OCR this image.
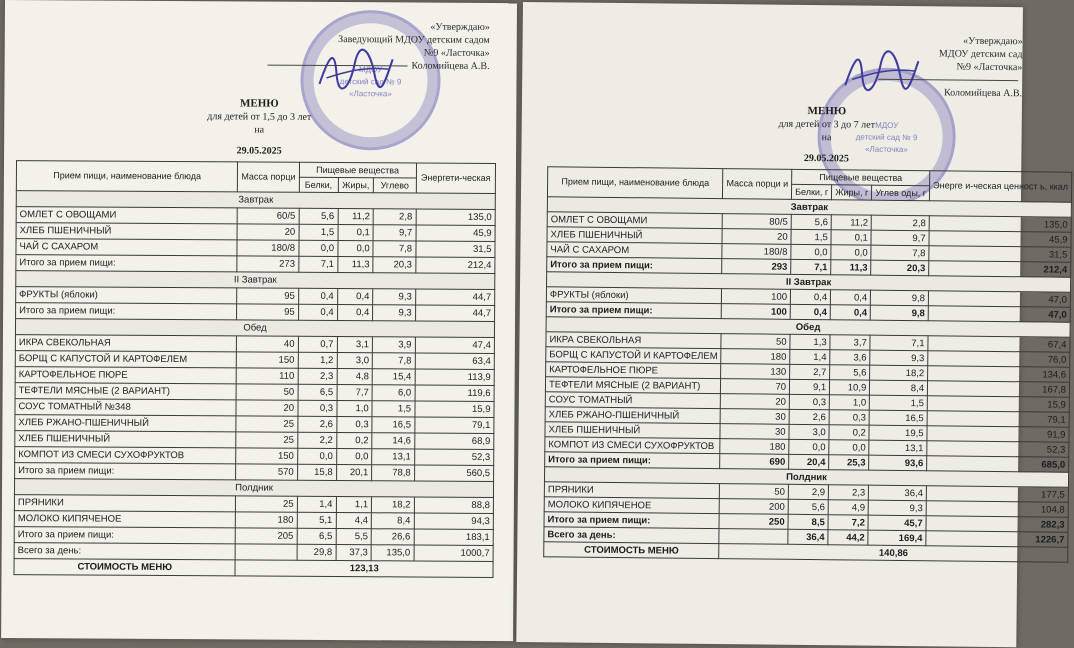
МДОУ
детский сад № 9
«Ласточка»
«Утверждаю»
Заведующий МДОУ детским садом
№9 «Ласточка»
Коломийцева А.В.
МЕНЮ
для детей от 1,5 до 3 лет
на
29.05.2025
Прием пищи, наименование блюда	Масса порци	Пищевые вещества			Энергети-ческая
		Белки,	Жиры,	Углево	
Завтрак					
ОМЛЕТ С ОВОЩАМИ	60/5	5,6	11,2	2,8	135,0
ХЛЕБ ПШЕНИЧНЫЙ	20	1,5	0,1	9,7	45,9
ЧАЙ С САХАРОМ	180/8	0,0	0,0	7,8	31,5
Итого за прием пищи:	273	7,1	11,3	20,3	212,4
II Завтрак					
ФРУКТЫ (яблоки)	95	0,4	0,4	9,3	44,7
Итого за прием пищи:	95	0,4	0,4	9,3	44,7
Обед					
ИКРА СВЕКОЛЬНАЯ	40	0,7	3,1	3,9	47,4
БОРЩ С КАПУСТОЙ И КАРТОФЕЛЕМ	150	1,2	3,0	7,8	63,4
КАРТОФЕЛЬНОЕ ПЮРЕ	110	2,3	4,8	15,4	113,9
ТЕФТЕЛИ МЯСНЫЕ (2 ВАРИАНТ)	50	6,5	7,7	6,0	119,6
СОУС ТОМАТНЫЙ №348	20	0,3	1,0	1,5	15,9
ХЛЕБ РЖАНО-ПШЕНИЧНЫЙ	25	2,6	0,3	16,5	79,1
ХЛЕБ ПШЕНИЧНЫЙ	25	2,2	0,2	14,6	68,9
КОМПОТ ИЗ СМЕСИ СУХОФРУКТОВ	150	0,0	0,0	13,1	52,3
Итого за прием пищи:	570	15,8	20,1	78,8	560,5
Полдник					
ПРЯНИКИ	25	1,4	1,1	18,2	88,8
МОЛОКО КИПЯЧЕНОЕ	180	5,1	4,4	8,4	94,3
Итого за прием пищи:	205	6,5	5,5	26,6	183,1
Всего за день:		29,8	37,3	135,0	1000,7
СТОИМОСТЬ МЕНЮ	123,13				
МДОУ
детский сад № 9
«Ласточка»
«Утверждаю»
МДОУ детским сад
№9 «Ласточка»
Коломийцева А.В.
МЕНЮ
для детей от 3 до 7 лет
на
29.05.2025
Прием пищи, наименование блюда	Масса порци и	Пищевые вещества			Энерге и-ческая ценност ь, ккал
		Белки, г	Жиры, г	Углев оды, г	
Завтрак					
ОМЛЕТ С ОВОЩАМИ	80/5	5,6	11,2	2,8	135,0
ХЛЕБ ПШЕНИЧНЫЙ	20	1,5	0,1	9,7	45,9
ЧАЙ С САХАРОМ	180/8	0,0	0,0	7,8	31,5
Итого за прием пищи:	293	7,1	11,3	20,3	212,4
II Завтрак					
ФРУКТЫ (яблоки)	100	0,4	0,4	9,8	47,0
Итого за прием пищи:	100	0,4	0,4	9,8	47,0
Обед					
ИКРА СВЕКОЛЬНАЯ	50	1,3	3,7	7,1	67,4
БОРЩ С КАПУСТОЙ И КАРТОФЕЛЕМ	180	1,4	3,6	9,3	76,0
КАРТОФЕЛЬНОЕ ПЮРЕ	130	2,7	5,6	18,2	134,6
ТЕФТЕЛИ МЯСНЫЕ (2 ВАРИАНТ)	70	9,1	10,9	8,4	167,8
СОУС ТОМАТНЫЙ	20	0,3	1,0	1,5	15,9
ХЛЕБ РЖАНО-ПШЕНИЧНЫЙ	30	2,6	0,3	16,5	79,1
ХЛЕБ ПШЕНИЧНЫЙ	30	3,0	0,2	19,5	91,9
КОМПОТ ИЗ СМЕСИ СУХОФРУКТОВ	180	0,0	0,0	13,1	52,3
Итого за прием пищи:	690	20,4	25,3	93,6	685,0
Полдник					
ПРЯНИКИ	50	2,9	2,3	36,4	177,5
МОЛОКО КИПЯЧЕНОЕ	200	5,6	4,9	9,3	104,8
Итого за прием пищи:	250	8,5	7,2	45,7	282,3
Всего за день:		36,4	44,2	169,4	1226,7
СТОИМОСТЬ МЕНЮ	140,86				
